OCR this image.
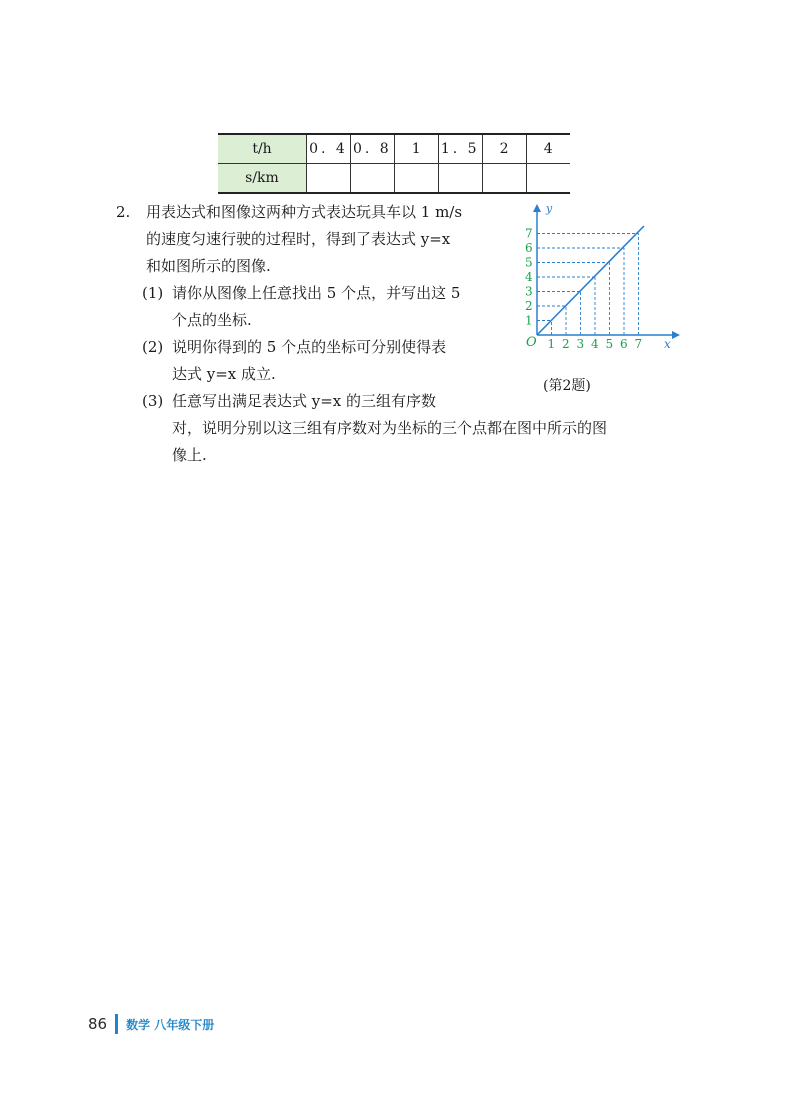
t/h	0. 4	0. 8	1	1. 5	2	4
s/km						
2. 用表达式和图像这两种方式表达玩具车以 1 m/s
的速度匀速行驶的过程时，得到了表达式 y=x
和如图所示的图像.
(1) 请你从图像上任意找出 5 个点，并写出这 5
个点的坐标.
(2) 说明你得到的 5 个点的坐标可分别使得表
达式 y=x 成立.
(3) 任意写出满足表达式 y=x 的三组有序数
对，说明分别以这三组有序数对为坐标的三个点都在图中所示的图
像上.
y
x
O 1 2 3 4 5 6 7
1
2
3
4
5
6
7
(第2题)
86 数学 八年级下册
